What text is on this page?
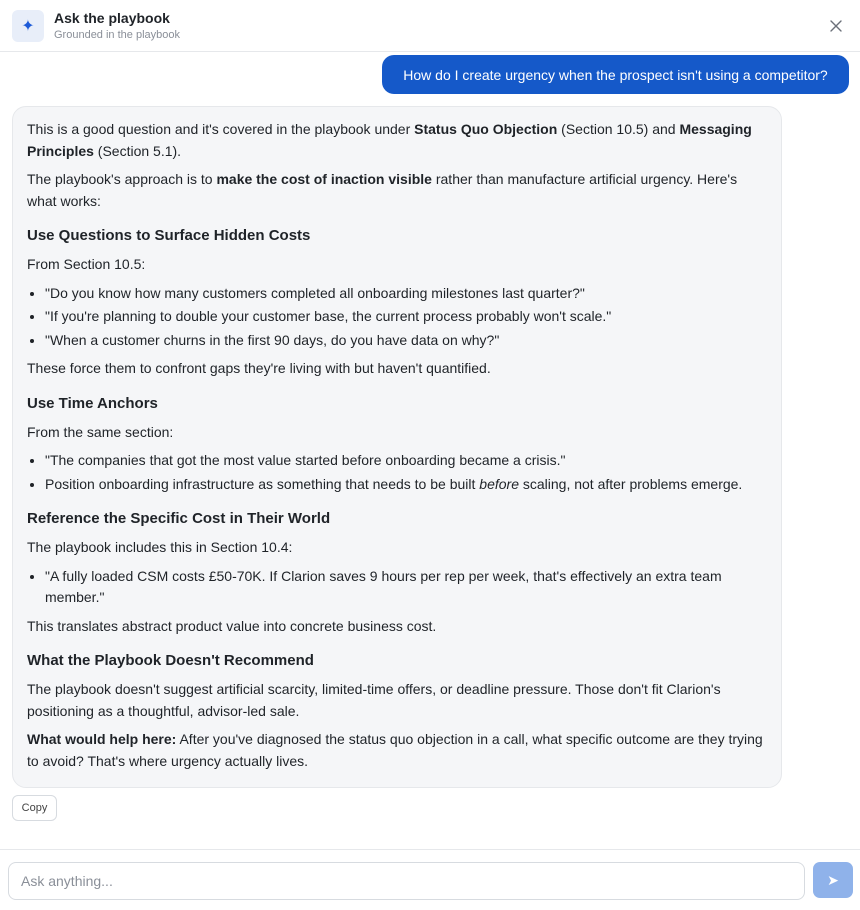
✦	Ask the playbook
Grounded in the playbook
How do I create urgency when the prospect isn't using a competitor?

This is a good question and it's covered in the playbook under Status Quo Objection (Section 10.5) and Messaging Principles (Section 5.1).

The playbook's approach is to make the cost of inaction visible rather than manufacture artificial urgency. Here's what works:

Use Questions to Surface Hidden Costs

From Section 10.5:

• "Do you know how many customers completed all onboarding milestones last quarter?"
• "If you're planning to double your customer base, the current process probably won't scale."
• "When a customer churns in the first 90 days, do you have data on why?"

These force them to confront gaps they're living with but haven't quantified.

Use Time Anchors

From the same section:

• "The companies that got the most value started before onboarding became a crisis."
• Position onboarding infrastructure as something that needs to be built before scaling, not after problems emerge.
Reference the Specific Cost in Their World

The playbook includes this in Section 10.4:

• "A fully loaded CSM costs £50-70K. If Clarion saves 9 hours per rep per week, that's effectively an extra team member."

This translates abstract product value into concrete business cost.

What the Playbook Doesn't Recommend

The playbook doesn't suggest artificial scarcity, limited-time offers, or deadline pressure. Those don't fit Clarion's positioning as a thoughtful, advisor-led sale.

What would help here: After you've diagnosed the status quo objection in a call, what specific outcome are they trying to avoid? That's where urgency actually lives.

Copy
Ask anything...
➤
